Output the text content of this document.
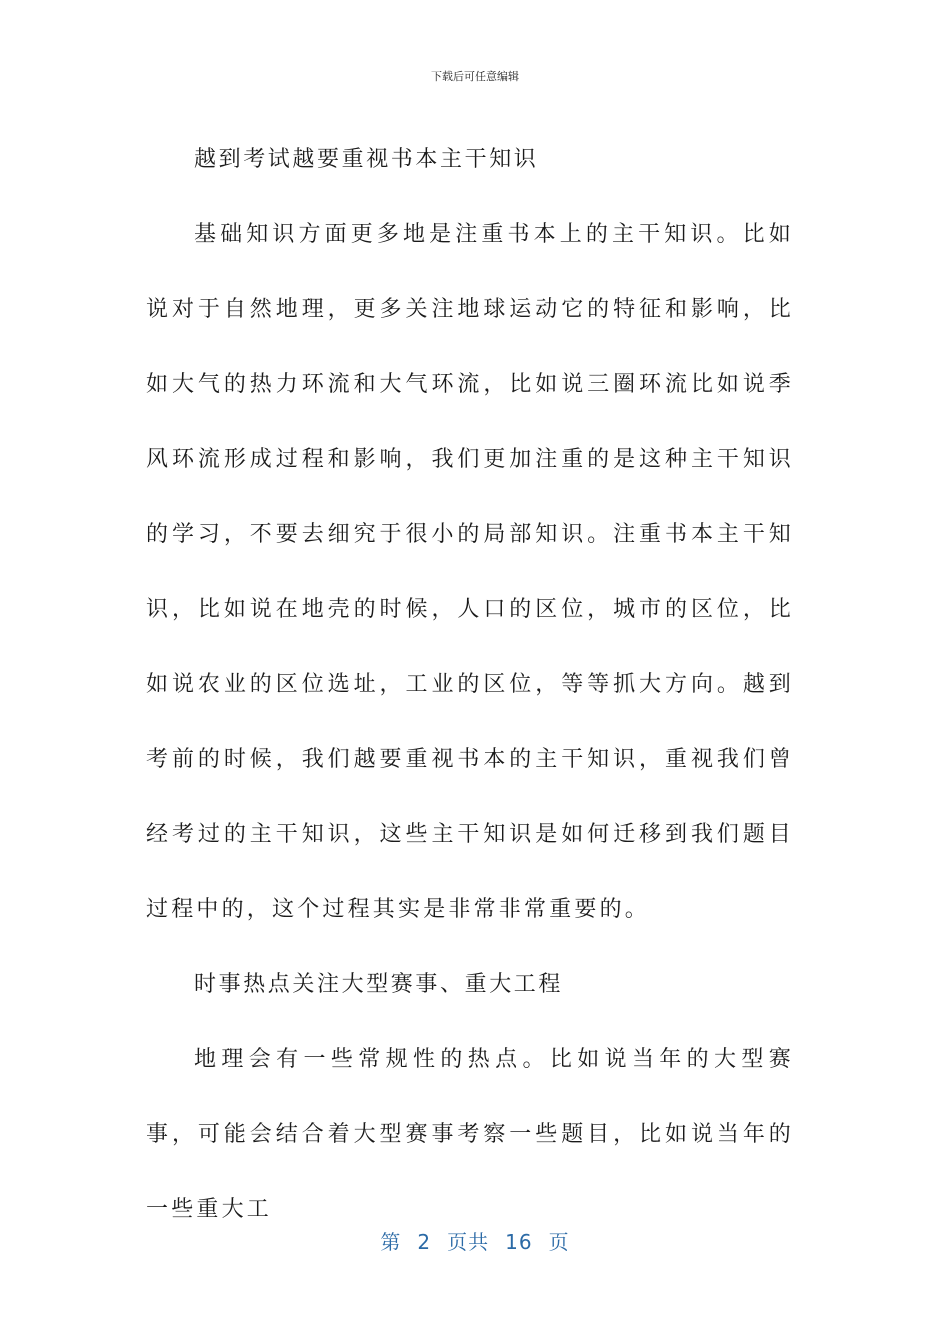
下载后可任意编辑

越到考试越要重视书本主干知识

基础知识方面更多地是注重书本上的主干知识。比如说对于自然地理，更多关注地球运动它的特征和影响，比如大气的热力环流和大气环流，比如说三圈环流比如说季风环流形成过程和影响，我们更加注重的是这种主干知识的学习，不要去细究于很小的局部知识。注重书本主干知识，比如说在地壳的时候，人口的区位，城市的区位，比如说农业的区位选址，工业的区位，等等抓大方向。越到考前的时候，我们越要重视书本的主干知识，重视我们曾经考过的主干知识，这些主干知识是如何迁移到我们题目过程中的，这个过程其实是非常非常重要的。

时事热点关注大型赛事、重大工程

地理会有一些常规性的热点。比如说当年的大型赛事，可能会结合着大型赛事考察一些题目，比如说当年的一些重大工

第 2 页共 16 页
